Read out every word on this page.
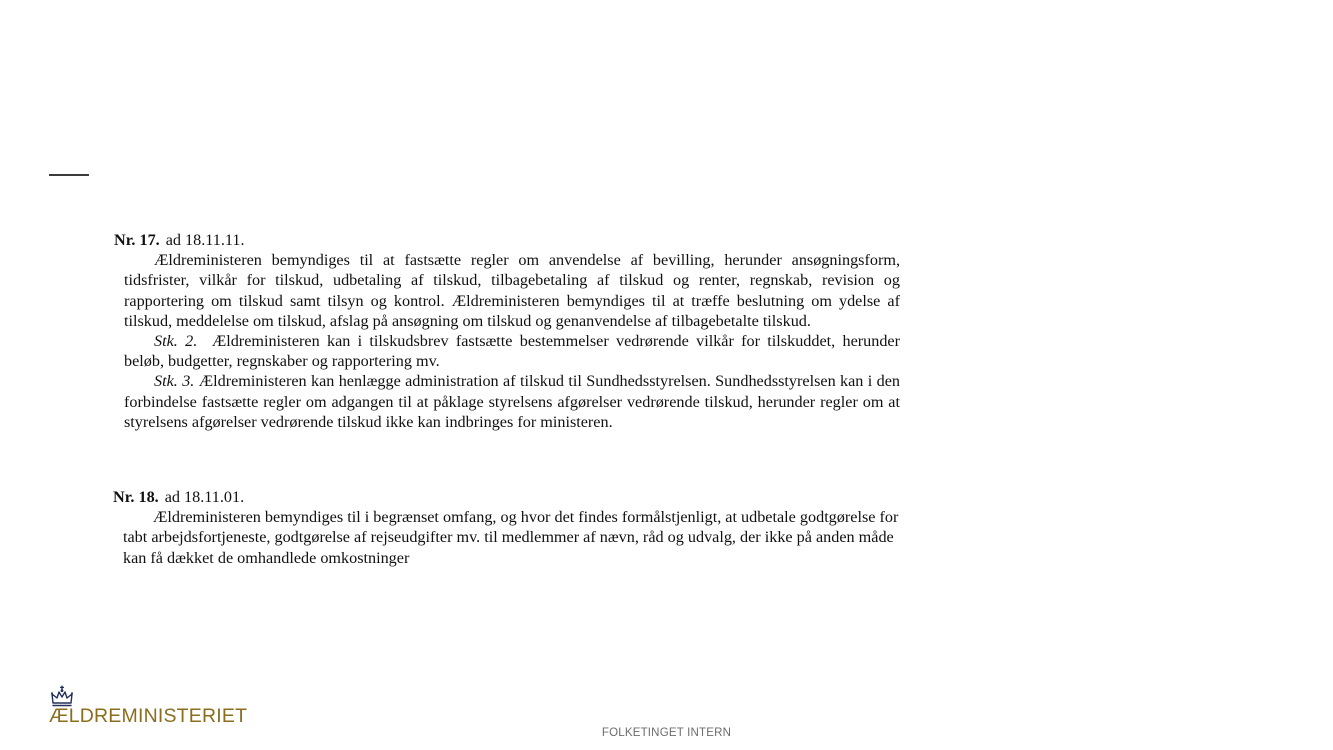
Nr. 17. ad 18.11.11.

Ældreministeren bemyndiges til at fastsætte regler om anvendelse af bevilling, herunder ansøgningsform, tidsfrister, vilkår for tilskud, udbetaling af tilskud, tilbagebetaling af tilskud og renter, regnskab, revision og rapportering om tilskud samt tilsyn og kontrol. Ældreministeren bemyndiges til at træffe beslutning om ydelse af tilskud, meddelelse om tilskud, afslag på ansøgning om tilskud og genanvendelse af tilbagebetalte tilskud.

Stk. 2. Ældreministeren kan i tilskudsbrev fastsætte bestemmelser vedrørende vilkår for tilskuddet, herunder beløb, budgetter, regnskaber og rapportering mv.

Stk. 3. Ældreministeren kan henlægge administration af tilskud til Sundhedsstyrelsen. Sundhedsstyrelsen kan i den forbindelse fastsætte regler om adgangen til at påklage styrelsens afgørelser vedrørende tilskud, herunder regler om at styrelsens afgørelser vedrørende tilskud ikke kan indbringes for ministeren.

Nr. 18. ad 18.11.01.

Ældreministeren bemyndiges til i begrænset omfang, og hvor det findes formålstjenligt, at udbetale godtgørelse for tabt arbejdsfortjeneste, godtgørelse af rejseudgifter mv. til medlemmer af nævn, råd og udvalg, der ikke på anden måde kan få dækket de omhandlede omkostninger

ÆLDREMINISTERIET
FOLKETINGET INTERN
